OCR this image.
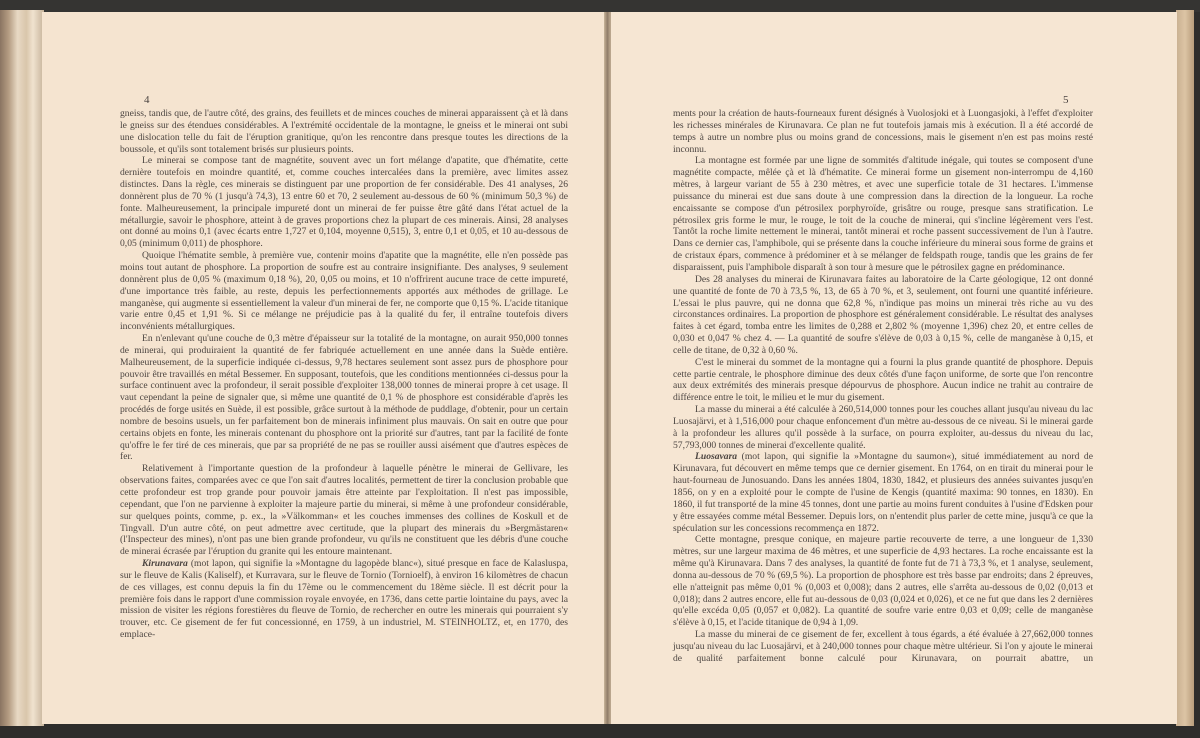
4

gneiss, tandis que, de l'autre côté, des grains, des feuillets et de minces couches de minerai apparaissent çà et là dans le gneiss sur des étendues considérables. A l'extrémité occidentale de la montagne, le gneiss et le minerai ont subi une dislocation telle du fait de l'éruption granitique, qu'on les rencontre dans presque toutes les directions de la boussole, et qu'ils sont totalement brisés sur plusieurs points.

Le minerai se compose tant de magnétite, souvent avec un fort mélange d'apatite, que d'hématite, cette dernière toutefois en moindre quantité, et, comme couches intercalées dans la première, avec limites assez distinctes. Dans la règle, ces minerais se distinguent par une proportion de fer considérable. Des 41 analyses, 26 donnèrent plus de 70 % (1 jusqu'à 74,3), 13 entre 60 et 70, 2 seulement au-dessous de 60 % (minimum 50,3 %) de fonte. Malheureusement, la principale impureté dont un minerai de fer puisse être gâté dans l'état actuel de la métallurgie, savoir le phosphore, atteint à de graves proportions chez la plupart de ces minerais. Ainsi, 28 analyses ont donné au moins 0,1 (avec écarts entre 1,727 et 0,104, moyenne 0,515), 3, entre 0,1 et 0,05, et 10 au-dessous de 0,05 (minimum 0,011) de phosphore.

Quoique l'hématite semble, à première vue, contenir moins d'apatite que la magnétite, elle n'en possède pas moins tout autant de phosphore. La proportion de soufre est au contraire insignifiante. Des analyses, 9 seulement donnèrent plus de 0,05 % (maximum 0,18 %), 20, 0,05 ou moins, et 10 n'offrirent aucune trace de cette impureté, d'une importance très faible, au reste, depuis les perfectionnements apportés aux méthodes de grillage. Le manganèse, qui augmente si essentiellement la valeur d'un minerai de fer, ne comporte que 0,15 %. L'acide titanique varie entre 0,45 et 1,91 %. Si ce mélange ne préjudicie pas à la qualité du fer, il entraîne toutefois divers inconvénients métallurgiques.

En n'enlevant qu'une couche de 0,3 mètre d'épaisseur sur la totalité de la montagne, on aurait 950,000 tonnes de minerai, qui produiraient la quantité de fer fabriquée actuellement en une année dans la Suède entière. Malheureusement, de la superficie indiquée ci-dessus, 9,78 hectares seulement sont assez purs de phosphore pour pouvoir être travaillés en métal Bessemer. En supposant, toutefois, que les conditions mentionnées ci-dessus pour la surface continuent avec la profondeur, il serait possible d'exploiter 138,000 tonnes de minerai propre à cet usage. Il vaut cependant la peine de signaler que, si même une quantité de 0,1 % de phosphore est considérable d'après les procédés de forge usités en Suède, il est possible, grâce surtout à la méthode de puddlage, d'obtenir, pour un certain nombre de besoins usuels, un fer parfaitement bon de minerais infiniment plus mauvais. On sait en outre que pour certains objets en fonte, les minerais contenant du phosphore ont la priorité sur d'autres, tant par la facilité de fonte qu'offre le fer tiré de ces minerais, que par sa propriété de ne pas se rouiller aussi aisément que d'autres espèces de fer.

Relativement à l'importante question de la profondeur à laquelle pénètre le minerai de Gellivare, les observations faites, comparées avec ce que l'on sait d'autres localités, permettent de tirer la conclusion probable que cette profondeur est trop grande pour pouvoir jamais être atteinte par l'exploitation. Il n'est pas impossible, cependant, que l'on ne parvienne à exploiter la majeure partie du minerai, si même à une profondeur considérable, sur quelques points, comme, p. ex., la »Välkomman« et les couches immenses des collines de Koskull et de Tingvall. D'un autre côté, on peut admettre avec certitude, que la plupart des minerais du »Bergmästaren« (l'Inspecteur des mines), n'ont pas une bien grande profondeur, vu qu'ils ne constituent que les débris d'une couche de minerai écrasée par l'éruption du granite qui les entoure maintenant.

Kirunavara (mot lapon, qui signifie la »Montagne du lagopède blanc«), situé presque en face de Kalasluspa, sur le fleuve de Kalis (Kaliself), et Kurravara, sur le fleuve de Tornio (Tornioelf), à environ 16 kilomètres de chacun de ces villages, est connu depuis la fin du 17ème ou le commencement du 18ème siècle. Il est décrit pour la première fois dans le rapport d'une commission royale envoyée, en 1736, dans cette partie lointaine du pays, avec la mission de visiter les régions forestières du fleuve de Tornio, de rechercher en outre les minerais qui pourraient s'y trouver, etc. Ce gisement de fer fut concessionné, en 1759, à un industriel, M. STEINHOLTZ, et, en 1770, des emplace-

5

ments pour la création de hauts-fourneaux furent désignés à Vuolosjoki et à Luongasjoki, à l'effet d'exploiter les richesses minérales de Kirunavara. Ce plan ne fut toutefois jamais mis à exécution. Il a été accordé de temps à autre un nombre plus ou moins grand de concessions, mais le gisement n'en est pas moins resté inconnu.

La montagne est formée par une ligne de sommités d'altitude inégale, qui toutes se composent d'une magnétite compacte, mêlée çà et là d'hématite. Ce minerai forme un gisement non-interrompu de 4,160 mètres, à largeur variant de 55 à 230 mètres, et avec une superficie totale de 31 hectares. L'immense puissance du minerai est due sans doute à une compression dans la direction de la longueur. La roche encaissante se compose d'un pétrosilex porphyroïde, grisâtre ou rouge, presque sans stratification. Le pétrosilex gris forme le mur, le rouge, le toit de la couche de minerai, qui s'incline légèrement vers l'est. Tantôt la roche limite nettement le minerai, tantôt minerai et roche passent successivement de l'un à l'autre. Dans ce dernier cas, l'amphibole, qui se présente dans la couche inférieure du minerai sous forme de grains et de cristaux épars, commence à prédominer et à se mélanger de feldspath rouge, tandis que les grains de fer disparaissent, puis l'amphibole disparaît à son tour à mesure que le pétrosilex gagne en prédominance.

Des 28 analyses du minerai de Kirunavara faites au laboratoire de la Carte géologique, 12 ont donné une quantité de fonte de 70 à 73,5 %, 13, de 65 à 70 %, et 3, seulement, ont fourni une quantité inférieure. L'essai le plus pauvre, qui ne donna que 62,8 %, n'indique pas moins un minerai très riche au vu des circonstances ordinaires. La proportion de phosphore est généralement considérable. Le résultat des analyses faites à cet égard, tomba entre les limites de 0,288 et 2,802 % (moyenne 1,396) chez 20, et entre celles de 0,030 et 0,047 % chez 4. — La quantité de soufre s'élève de 0,03 à 0,15 %, celle de manganèse à 0,15, et celle de titane, de 0,32 à 0,60 %.

C'est le minerai du sommet de la montagne qui a fourni la plus grande quantité de phosphore. Depuis cette partie centrale, le phosphore diminue des deux côtés d'une façon uniforme, de sorte que l'on rencontre aux deux extrémités des minerais presque dépourvus de phosphore. Aucun indice ne trahit au contraire de différence entre le toit, le milieu et le mur du gisement.

La masse du minerai a été calculée à 260,514,000 tonnes pour les couches allant jusqu'au niveau du lac Luosajärvi, et à 1,516,000 pour chaque enfoncement d'un mètre au-dessous de ce niveau. Si le minerai garde à la profondeur les allures qu'il possède à la surface, on pourra exploiter, au-dessus du niveau du lac, 57,793,000 tonnes de minerai d'excellente qualité.

Luosavara (mot lapon, qui signifie la »Montagne du saumon«), situé immédiatement au nord de Kirunavara, fut découvert en même temps que ce dernier gisement. En 1764, on en tirait du minerai pour le haut-fourneau de Junosuando. Dans les années 1804, 1830, 1842, et plusieurs des années suivantes jusqu'en 1856, on y en a exploité pour le compte de l'usine de Kengis (quantité maxima: 90 tonnes, en 1830). En 1860, il fut transporté de la mine 45 tonnes, dont une partie au moins furent conduites à l'usine d'Edsken pour y être essayées comme métal Bessemer. Depuis lors, on n'entendit plus parler de cette mine, jusqu'à ce que la spéculation sur les concessions recommença en 1872.

Cette montagne, presque conique, en majeure partie recouverte de terre, a une longueur de 1,330 mètres, sur une largeur maxima de 46 mètres, et une superficie de 4,93 hectares. La roche encaissante est la même qu'à Kirunavara. Dans 7 des analyses, la quantité de fonte fut de 71 à 73,3 %, et 1 analyse, seulement, donna au-dessous de 70 % (69,5 %). La proportion de phosphore est très basse par endroits; dans 2 épreuves, elle n'atteignit pas même 0,01 % (0,003 et 0,008); dans 2 autres, elle s'arrêta au-dessous de 0,02 (0,013 et 0,018); dans 2 autres encore, elle fut au-dessous de 0,03 (0,024 et 0,026), et ce ne fut que dans les 2 dernières qu'elle excéda 0,05 (0,057 et 0,082). La quantité de soufre varie entre 0,03 et 0,09; celle de manganèse s'élève à 0,15, et l'acide titanique de 0,94 à 1,09.

La masse du minerai de ce gisement de fer, excellent à tous égards, a été évaluée à 27,662,000 tonnes jusqu'au niveau du lac Luosajärvi, et à 240,000 tonnes pour chaque mètre ultérieur. Si l'on y ajoute le minerai de qualité parfaitement bonne calculé pour Kirunavara, on pourrait abattre, un
